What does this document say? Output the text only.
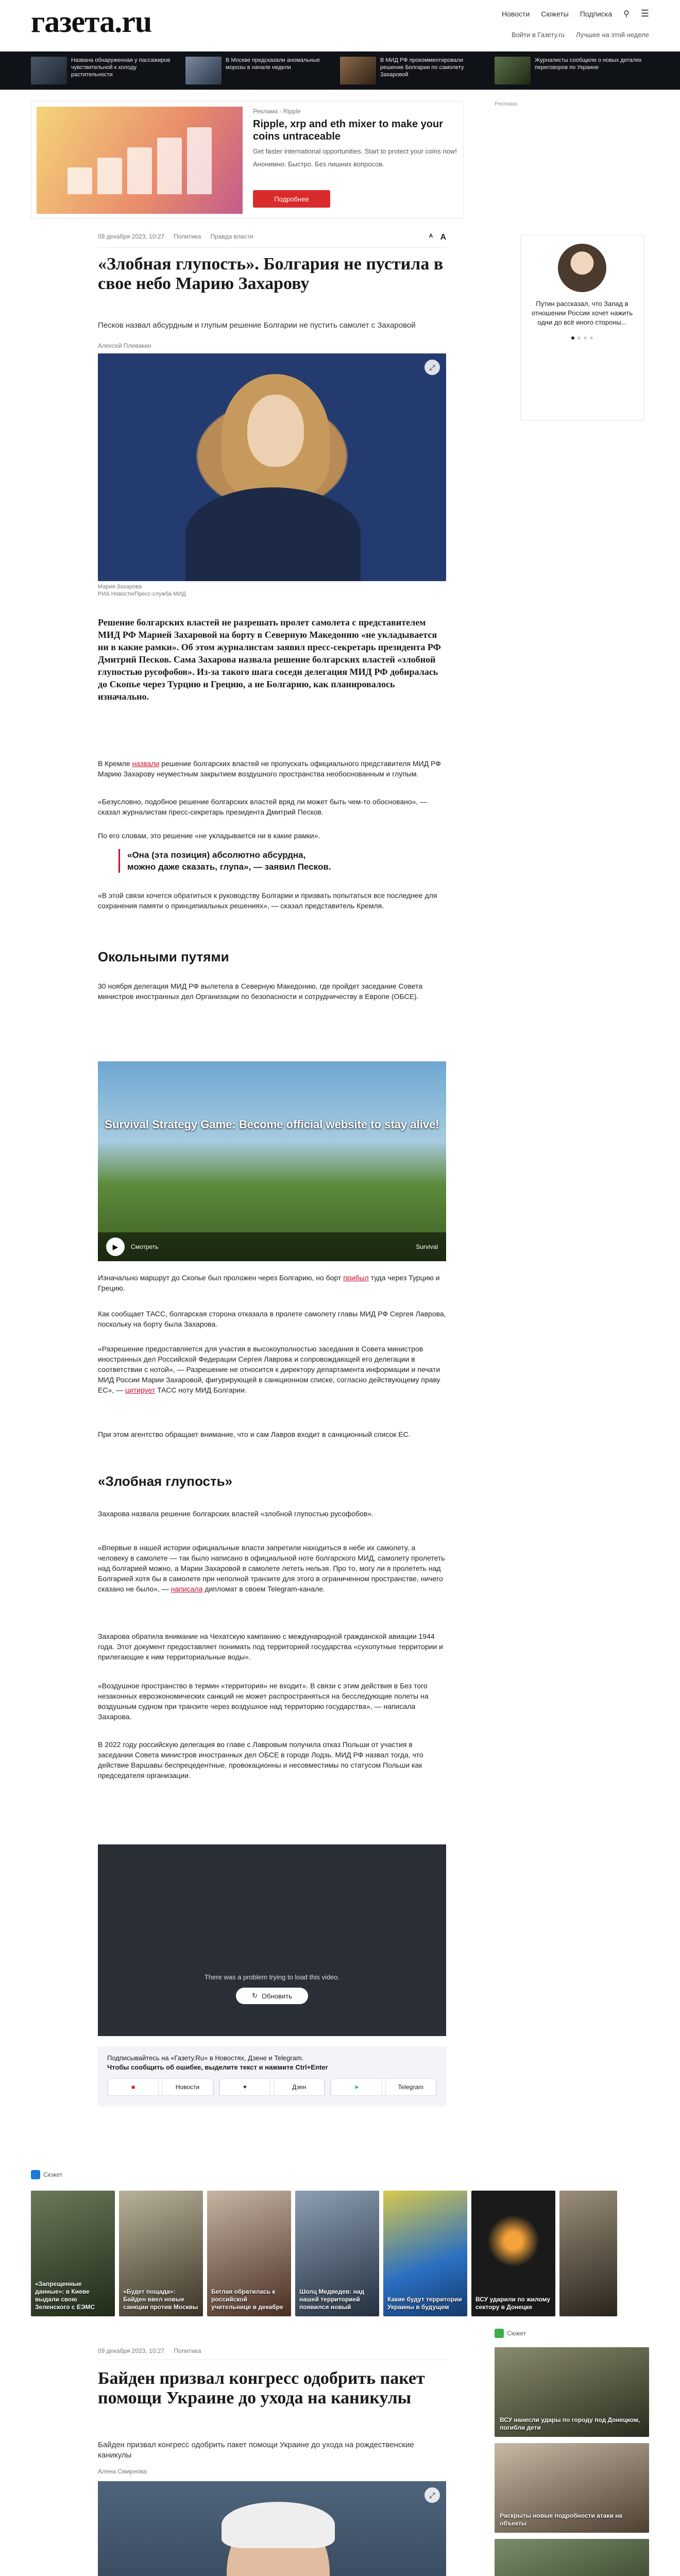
газета.ru	Новости Сюжеты Подписка ⚲ ☰
Войти в Газету.ru Лучшее на этой неделе
Названа обнаруженная у пассажиров чувствительной к холоду растительности
В Москве предсказали аномальные морозы в начале недели
В МИД РФ прокомментировали решение Болгарии по самолету Захаровой
Журналисты сообщили о новых деталях переговоров по Украине
Реклама · Ripple
Ripple, xrp and eth mixer to make your coins untraceable

Get faster international opportunities. Start to protect your coins now!

Анонимно. Быстро. Без лишних вопросов.

Подробнее
Реклама
Путин рассказал, что Запад в отношении России хочет нажить одни до всё иного стороны...
09 декабря 2023, 10:27 Политика Правда власти	A A
«Злобная глупость». Болгария не пустила в свое небо Марию Захарову

Песков назвал абсурдным и глупым решение Болгарии не пустить самолет с Захаровой

Алексей Плевакин
⤢
Мария Захарова
РИА Новости/Пресс-служба МИД

Решение болгарских властей не разрешать пролет самолета с представителем МИД РФ Марией Захаровой на борту в Северную Македонию «не укладывается ни в какие рамки». Об этом журналистам заявил пресс-секретарь президента РФ Дмитрий Песков. Сама Захарова назвала решение болгарских властей «злобной глупостью русофобов». Из-за такого шага соседи делегация МИД РФ добиралась до Скопье через Турцию и Грецию, а не Болгарию, как планировалось изначально.

В Кремле назвали решение болгарских властей не пропускать официального представителя МИД РФ Марию Захарову неуместным закрытием воздушного пространства необоснованным и глупым.

«Безусловно, подобное решение болгарских властей вряд ли может быть чем-то обосновано», — сказал журналистам пресс-секретарь президента Дмитрий Песков.

По его словам, это решение «не укладывается ни в какие рамки».

«Она (эта позиция) абсолютно абсурдна, можно даже сказать, глупа», — заявил Песков.

«В этой связи хочется обратиться к руководству Болгарии и призвать попытаться все последнее для сохранения памяти о принципиальных решениях», — сказал представитель Кремля.

Окольными путями

30 ноября делегация МИД РФ вылетела в Северную Македонию, где пройдет заседание Совета министров иностранных дел Организации по безопасности и сотрудничеству в Европе (ОБСЕ).

Survival Strategy Game: Become official website to stay alive!
▶	Смотреть	Survival

Изначально маршрут до Скопье был проложен через Болгарию, но борт прибыл туда через Турцию и Грецию.

Как сообщает ТАСС, болгарская сторона отказала в пролете самолету главы МИД РФ Сергея Лаврова, поскольку на борту была Захарова.

«Разрешение предоставляется для участия в высокоуполностью заседания в Совета министров иностранных дел Российской Федерации Сергея Лаврова и сопровождающей его делегации в соответствии с нотой», — Разрешение не относится к директору департамента информации и печати МИД России Марии Захаровой, фигурирующей в санкционном списке, согласно действующему праву ЕС», — цитирует ТАСС ноту МИД Болгарии.

При этом агентство обращает внимание, что и сам Лавров входит в санкционный список ЕС.

«Злобная глупость»

Захарова назвала решение болгарских властей «злобной глупостью русофобов».

«Впервые в нашей истории официальные власти запретили находиться в небе их самолету, а человеку в самолете — так было написано в официальной ноте болгарского МИД, самолету пролететь над болгарией можно, а Марии Захаровой в самолете лететь нельзя. Про то, могу ли я пролететь над Болгарией хотя бы в самолете при неполной транзите для этого в ограниченном пространстве, ничего сказано не было», — написала дипломат в своем Telegram-канале.

Захарова обратила внимание на Чехатскую кампанию с международной гражданской авиации 1944 года. Этот документ предоставляет понимать под территорией государства «сухопутные территории и прилегающие к ним территориальные воды».

«Воздушное пространство в термин «территория» не входит». В связи с этим действия в Без того незаконных евроэкономических санкций не может распространяться на бесследующие полеты на воздушным судном при транзите через воздушное над территорию государства», — написала Захарова.

В 2022 году российскую делегация во главе с Лавровым получила отказ Польши от участия в заседании Совета министров иностранных дел ОБСЕ в городе Лодзь. МИД РФ назвал тогда, что действие Варшавы беспрецедентные, провокационны и несовместимы по статусом Польши как председателя организации.

There was a problem trying to load this video.
↻ Обновить
Подписывайтесь на «Газету.Ru» в Новостях, Дзене и Telegram.
Чтобы сообщить об ошибке, выделите текст и нажмите Ctrl+Enter
■	Новости	✦	Дзен	➤	Telegram
Сюжет
«Запрещенные данные»: в Киеве выдали свою Зеленского с ЕЭМС
«Будет пощада»: Байден ввел новые санкции против Москвы
Беглая обратилась к российской учительнице в декабре
Шолц Медведев: над нашей территорией появился новый
Какие будут территории Украины в будущем
ВСУ ударили по жилому сектору в Донецке
09 декабря 2023, 10:27 Политика
Байден призвал конгресс одобрить пакет помощи Украине до ухода на каникулы

Байден призвал конгресс одобрить пакет помощи Украине до ухода на рождественские каникулы

Алена Смирнова
⤢

Сюжет
ВСУ нанесли удары по городу под Донецком, погибли дети
Раскрыты новые подробности атаки на объекты
